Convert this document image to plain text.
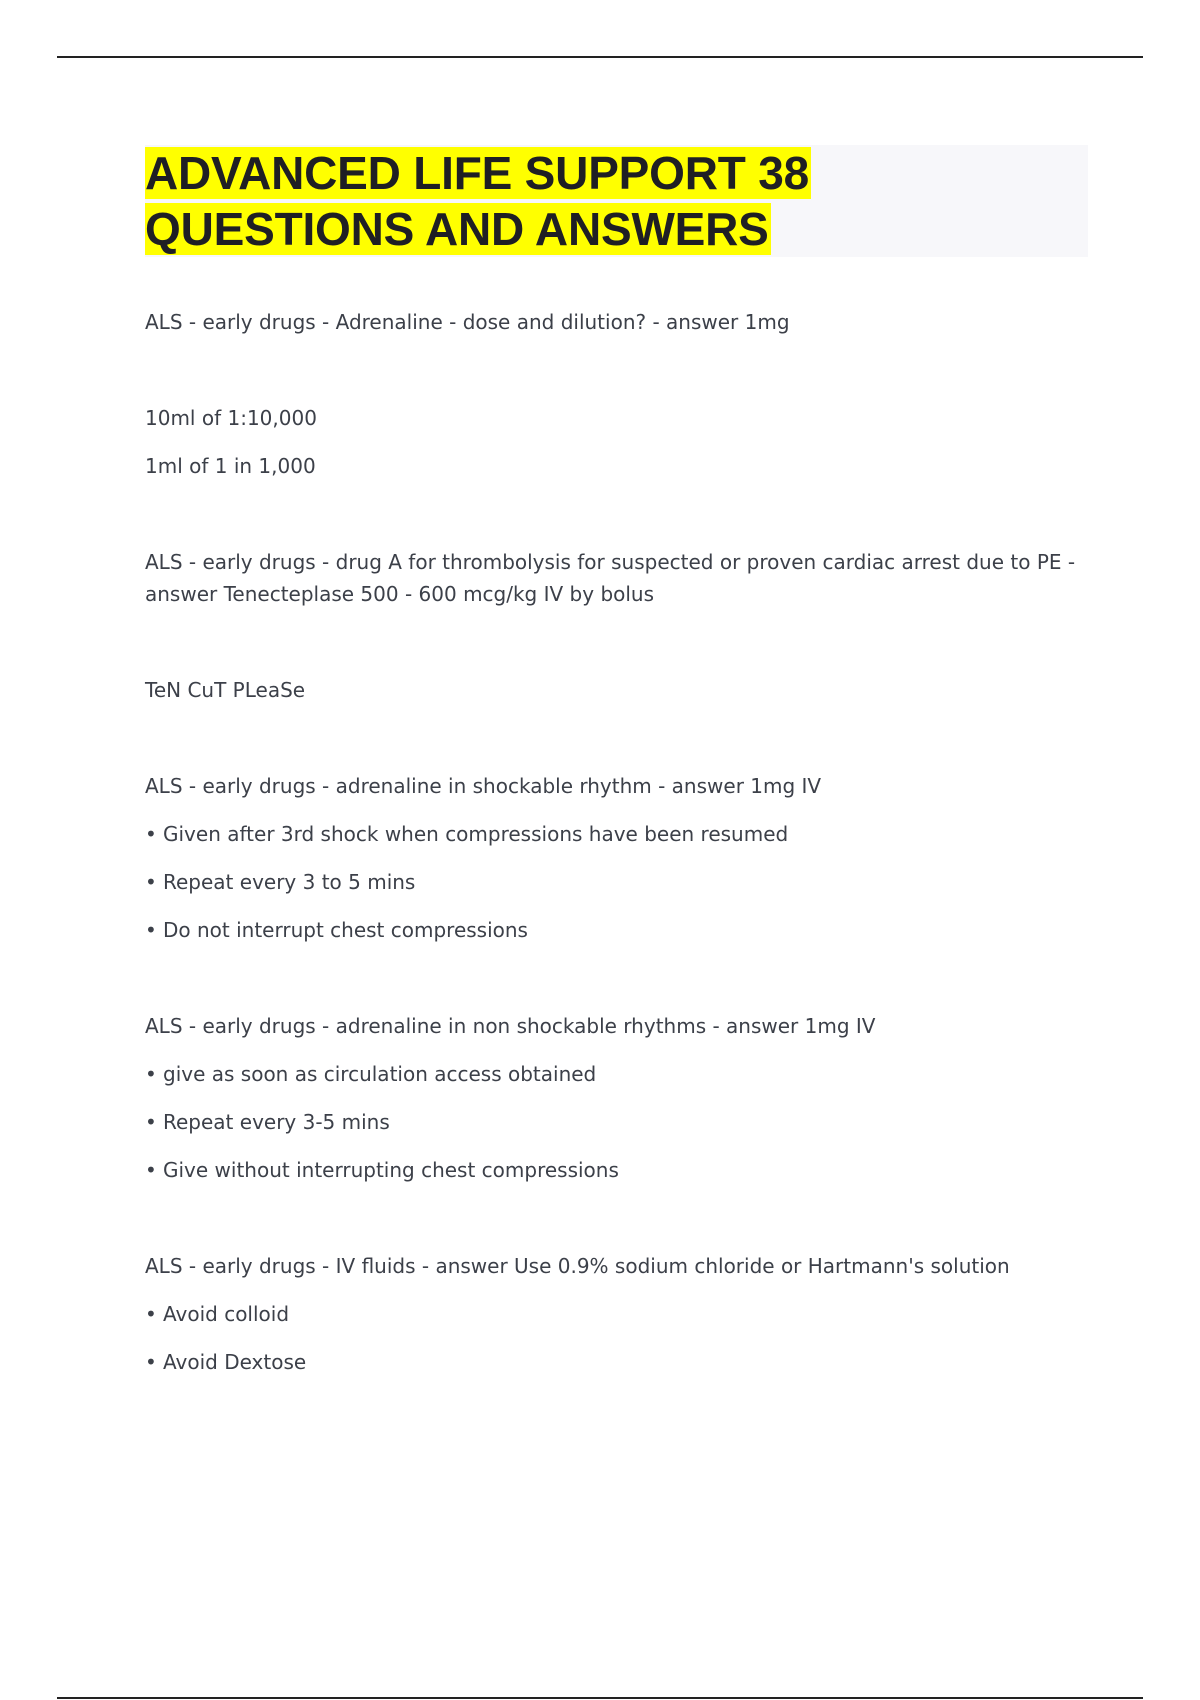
ADVANCED LIFE SUPPORT 38
QUESTIONS AND ANSWERS

ALS - early drugs - Adrenaline - dose and dilution? - answer 1mg

10ml of 1:10,000

1ml of 1 in 1,000

ALS - early drugs - drug A for thrombolysis for suspected or proven cardiac arrest due to PE - answer Tenecteplase 500 - 600 mcg/kg IV by bolus

TeN CuT PLeaSe

ALS - early drugs - adrenaline in shockable rhythm - answer 1mg IV

• Given after 3rd shock when compressions have been resumed
• Repeat every 3 to 5 mins
• Do not interrupt chest compressions

ALS - early drugs - adrenaline in non shockable rhythms - answer 1mg IV

• give as soon as circulation access obtained
• Repeat every 3-5 mins
• Give without interrupting chest compressions

ALS - early drugs - IV fluids - answer Use 0.9% sodium chloride or Hartmann's solution

• Avoid colloid
• Avoid Dextose
